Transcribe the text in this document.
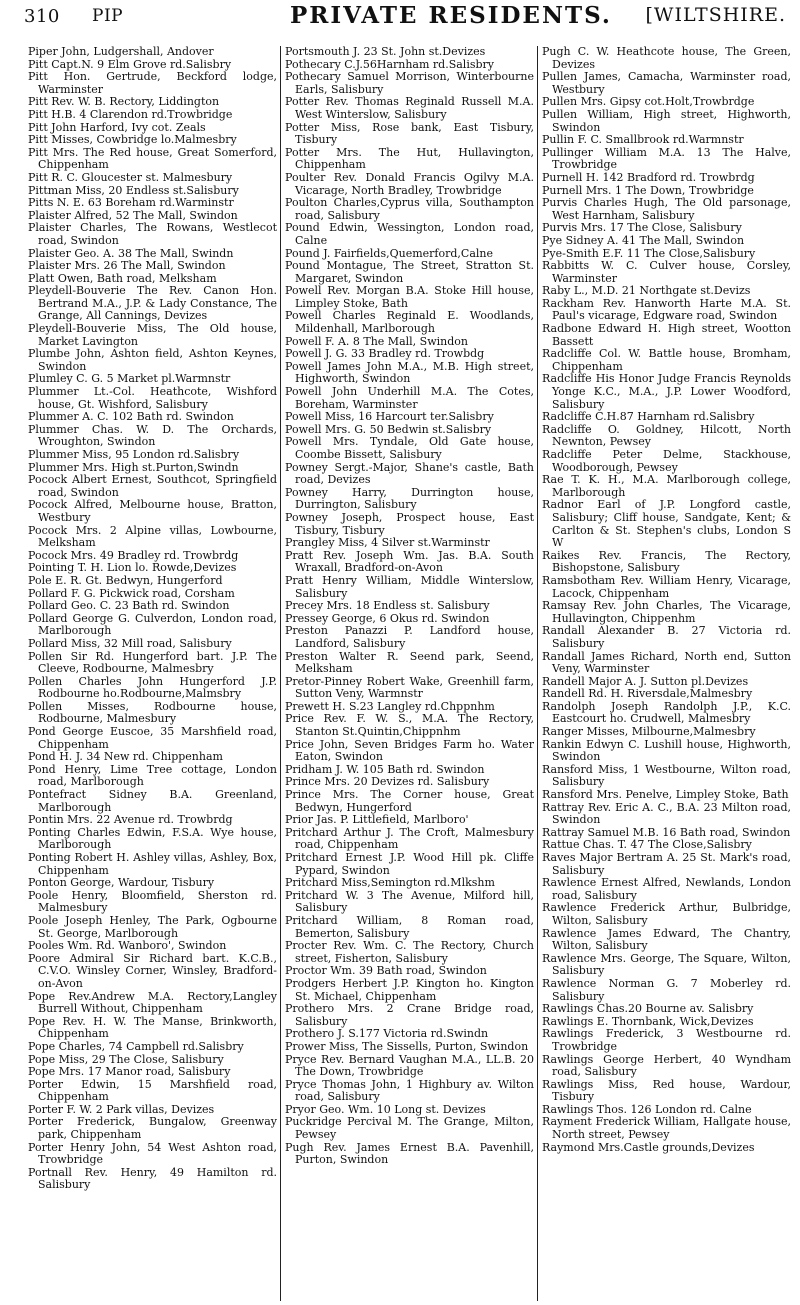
310 PIP	PRIVATE RESIDENTS. [WILTSHIRE.

Piper John, Ludgershall, Andover

Pitt Capt.N. 9 Elm Grove rd.Salisbry

Pitt Hon. Gertrude, Beckford lodge, Warminster

Pitt Rev. W. B. Rectory, Liddington

Pitt H.B. 4 Clarendon rd.Trowbridge

Pitt John Harford, Ivy cot. Zeals

Pitt Misses, Cowbridge lo.Malmesbry

Pitt Mrs. The Red house, Great Somerford, Chippenham

Pitt R. C. Gloucester st. Malmesbury

Pittman Miss, 20 Endless st.Salisbury

Pitts N. E. 63 Boreham rd.Warminstr

Plaister Alfred, 52 The Mall, Swindon

Plaister Charles, The Rowans, Westlecot road, Swindon

Plaister Geo. A. 38 The Mall, Swindn

Plaister Mrs. 26 The Mall, Swindon

Platt Owen, Bath road, Melksham

Pleydell-Bouverie The Rev. Canon Hon. Bertrand M.A., J.P. & Lady Constance, The Grange, All Cannings, Devizes

Pleydell-Bouverie Miss, The Old house, Market Lavington

Plumbe John, Ashton field, Ashton Keynes, Swindon

Plumley C. G. 5 Market pl.Warmnstr

Plummer Lt.-Col. Heathcote, Wishford house, Gt. Wishford, Salisbury

Plummer A. C. 102 Bath rd. Swindon

Plummer Chas. W. D. The Orchards, Wroughton, Swindon

Plummer Miss, 95 London rd.Salisbry

Plummer Mrs. High st.Purton,Swindn

Pocock Albert Ernest, Southcot, Springfield road, Swindon

Pocock Alfred, Melbourne house, Bratton, Westbury

Pocock Mrs. 2 Alpine villas, Lowbourne, Melksham

Pocock Mrs. 49 Bradley rd. Trowbrdg

Pointing T. H. Lion lo. Rowde,Devizes

Pole E. R. Gt. Bedwyn, Hungerford

Pollard F. G. Pickwick road, Corsham

Pollard Geo. C. 23 Bath rd. Swindon

Pollard George G. Culverdon, London road, Marlborough

Pollard Miss, 32 Mill road, Salisbury

Pollen Sir Rd. Hungerford bart. J.P. The Cleeve, Rodbourne, Malmesbry

Pollen Charles John Hungerford J.P. Rodbourne ho.Rodbourne,Malmsbry

Pollen Misses, Rodbourne house, Rodbourne, Malmesbury

Pond George Euscoe, 35 Marshfield road, Chippenham

Pond H. J. 34 New rd. Chippenham

Pond Henry, Lime Tree cottage, London road, Marlborough

Pontefract Sidney B.A. Greenland, Marlborough

Pontin Mrs. 22 Avenue rd. Trowbrdg

Ponting Charles Edwin, F.S.A. Wye house, Marlborough

Ponting Robert H. Ashley villas, Ashley, Box, Chippenham

Ponton George, Wardour, Tisbury

Poole Henry, Bloomfield, Sherston rd. Malmesbury

Poole Joseph Henley, The Park, Ogbourne St. George, Marlborough

Pooles Wm. Rd. Wanboro', Swindon

Poore Admiral Sir Richard bart. K.C.B., C.V.O. Winsley Corner, Winsley, Bradford-on-Avon

Pope Rev.Andrew M.A. Rectory,Langley Burrell Without, Chippenham

Pope Rev. H. W. The Manse, Brinkworth, Chippenham

Pope Charles, 74 Campbell rd.Salisbry

Pope Miss, 29 The Close, Salisbury

Pope Mrs. 17 Manor road, Salisbury

Porter Edwin, 15 Marshfield road, Chippenham

Porter F. W. 2 Park villas, Devizes

Porter Frederick, Bungalow, Greenway park, Chippenham

Porter Henry John, 54 West Ashton road, Trowbridge

Portnall Rev. Henry, 49 Hamilton rd. Salisbury

Portsmouth J. 23 St. John st.Devizes

Pothecary C.J.56Harnham rd.Salisbry

Pothecary Samuel Morrison, Winterbourne Earls, Salisbury

Potter Rev. Thomas Reginald Russell M.A. West Winterslow, Salisbury

Potter Miss, Rose bank, East Tisbury, Tisbury

Potter Mrs. The Hut, Hullavington, Chippenham

Poulter Rev. Donald Francis Ogilvy M.A. Vicarage, North Bradley, Trowbridge

Poulton Charles,Cyprus villa, Southampton road, Salisbury

Pound Edwin, Wessington, London road, Calne

Pound J. Fairfields,Quemerford,Calne

Pound Montague, The Street, Stratton St. Margaret, Swindon

Powell Rev. Morgan B.A. Stoke Hill house, Limpley Stoke, Bath

Powell Charles Reginald E. Woodlands, Mildenhall, Marlborough

Powell F. A. 8 The Mall, Swindon

Powell J. G. 33 Bradley rd. Trowbdg

Powell James John M.A., M.B. High street, Highworth, Swindon

Powell John Underhill M.A. The Cotes, Boreham, Warminster

Powell Miss, 16 Harcourt ter.Salisbry

Powell Mrs. G. 50 Bedwin st.Salisbry

Powell Mrs. Tyndale, Old Gate house, Coombe Bissett, Salisbury

Powney Sergt.-Major, Shane's castle, Bath road, Devizes

Powney Harry, Durrington house, Durrington, Salisbury

Powney Joseph, Prospect house, East Tisbury, Tisbury

Prangley Miss, 4 Silver st.Warminstr

Pratt Rev. Joseph Wm. Jas. B.A. South Wraxall, Bradford-on-Avon

Pratt Henry William, Middle Winterslow, Salisbury

Precey Mrs. 18 Endless st. Salisbury

Pressey George, 6 Okus rd. Swindon

Preston Panazzi P. Landford house, Landford, Salisbury

Preston Walter R. Seend park, Seend, Melksham

Pretor-Pinney Robert Wake, Greenhill farm, Sutton Veny, Warmnstr

Prewett H. S.23 Langley rd.Chppnhm

Price Rev. F. W. S., M.A. The Rectory, Stanton St.Quintin,Chippnhm

Price John, Seven Bridges Farm ho. Water Eaton, Swindon

Pridham J. W. 105 Bath rd. Swindon

Prince Mrs. 20 Devizes rd. Salisbury

Prince Mrs. The Corner house, Great Bedwyn, Hungerford

Prior Jas. P. Littlefield, Marlboro'

Pritchard Arthur J. The Croft, Malmesbury road, Chippenham

Pritchard Ernest J.P. Wood Hill pk. Cliffe Pypard, Swindon

Pritchard Miss,Semington rd.Mlkshm

Pritchard W. 3 The Avenue, Milford hill, Salisbury

Pritchard William, 8 Roman road, Bemerton, Salisbury

Procter Rev. Wm. C. The Rectory, Church street, Fisherton, Salisbury

Proctor Wm. 39 Bath road, Swindon

Prodgers Herbert J.P. Kington ho. Kington St. Michael, Chippenham

Prothero Mrs. 2 Crane Bridge road, Salisbury

Prothero J. S.177 Victoria rd.Swindn

Prower Miss, The Sissells, Purton, Swindon

Pryce Rev. Bernard Vaughan M.A., LL.B. 20 The Down, Trowbridge

Pryce Thomas John, 1 Highbury av. Wilton road, Salisbury

Pryor Geo. Wm. 10 Long st. Devizes

Puckridge Percival M. The Grange, Milton, Pewsey

Pugh Rev. James Ernest B.A. Pavenhill, Purton, Swindon

Pugh C. W. Heathcote house, The Green, Devizes

Pullen James, Camacha, Warminster road, Westbury

Pullen Mrs. Gipsy cot.Holt,Trowbrdge

Pullen William, High street, Highworth, Swindon

Pullin F. C. Smallbrook rd.Warmnstr

Pullinger William M.A. 13 The Halve, Trowbridge

Purnell H. 142 Bradford rd. Trowbrdg

Purnell Mrs. 1 The Down, Trowbridge

Purvis Charles Hugh, The Old parsonage, West Harnham, Salisbury

Purvis Mrs. 17 The Close, Salisbury

Pye Sidney A. 41 The Mall, Swindon

Pye-Smith E.F. 11 The Close,Salisbury

Rabbitts W. C. Culver house, Corsley, Warminster

Raby L., M.D. 21 Northgate st.Devizs

Rackham Rev. Hanworth Harte M.A. St. Paul's vicarage, Edgware road, Swindon

Radbone Edward H. High street, Wootton Bassett

Radcliffe Col. W. Battle house, Bromham, Chippenham

Radcliffe His Honor Judge Francis Reynolds Yonge K.C., M.A., J.P. Lower Woodford, Salisbury

Radcliffe C.H.87 Harnham rd.Salisbry

Radcliffe O. Goldney, Hilcott, North Newnton, Pewsey

Radcliffe Peter Delme, Stackhouse, Woodborough, Pewsey

Rae T. K. H., M.A. Marlborough college, Marlborough

Radnor Earl of J.P. Longford castle, Salisbury; Cliff house, Sandgate, Kent; & Carlton & St. Stephen's clubs, London S W

Raikes Rev. Francis, The Rectory, Bishopstone, Salisbury

Ramsbotham Rev. William Henry, Vicarage, Lacock, Chippenham

Ramsay Rev. John Charles, The Vicarage, Hullavington, Chippenhm

Randall Alexander B. 27 Victoria rd. Salisbury

Randall James Richard, North end, Sutton Veny, Warminster

Randell Major A. J. Sutton pl.Devizes

Randell Rd. H. Riversdale,Malmesbry

Randolph Joseph Randolph J.P., K.C. Eastcourt ho. Crudwell, Malmesbry

Ranger Misses, Milbourne,Malmesbry

Rankin Edwyn C. Lushill house, Highworth, Swindon

Ransford Miss, 1 Westbourne, Wilton road, Salisbury

Ransford Mrs. Penelve, Limpley Stoke, Bath

Rattray Rev. Eric A. C., B.A. 23 Milton road, Swindon

Rattray Samuel M.B. 16 Bath road, Swindon

Rattue Chas. T. 47 The Close,Salisbry

Raves Major Bertram A. 25 St. Mark's road, Salisbury

Rawlence Ernest Alfred, Newlands, London road, Salisbury

Rawlence Frederick Arthur, Bulbridge, Wilton, Salisbury

Rawlence James Edward, The Chantry, Wilton, Salisbury

Rawlence Mrs. George, The Square, Wilton, Salisbury

Rawlence Norman G. 7 Moberley rd. Salisbury

Rawlings Chas.20 Bourne av. Salisbry

Rawlings E. Thornbank, Wick,Devizes

Rawlings Frederick, 3 Westbourne rd. Trowbridge

Rawlings George Herbert, 40 Wyndham road, Salisbury

Rawlings Miss, Red house, Wardour, Tisbury

Rawlings Thos. 126 London rd. Calne

Rayment Frederick William, Hallgate house, North street, Pewsey

Raymond Mrs.Castle grounds,Devizes
